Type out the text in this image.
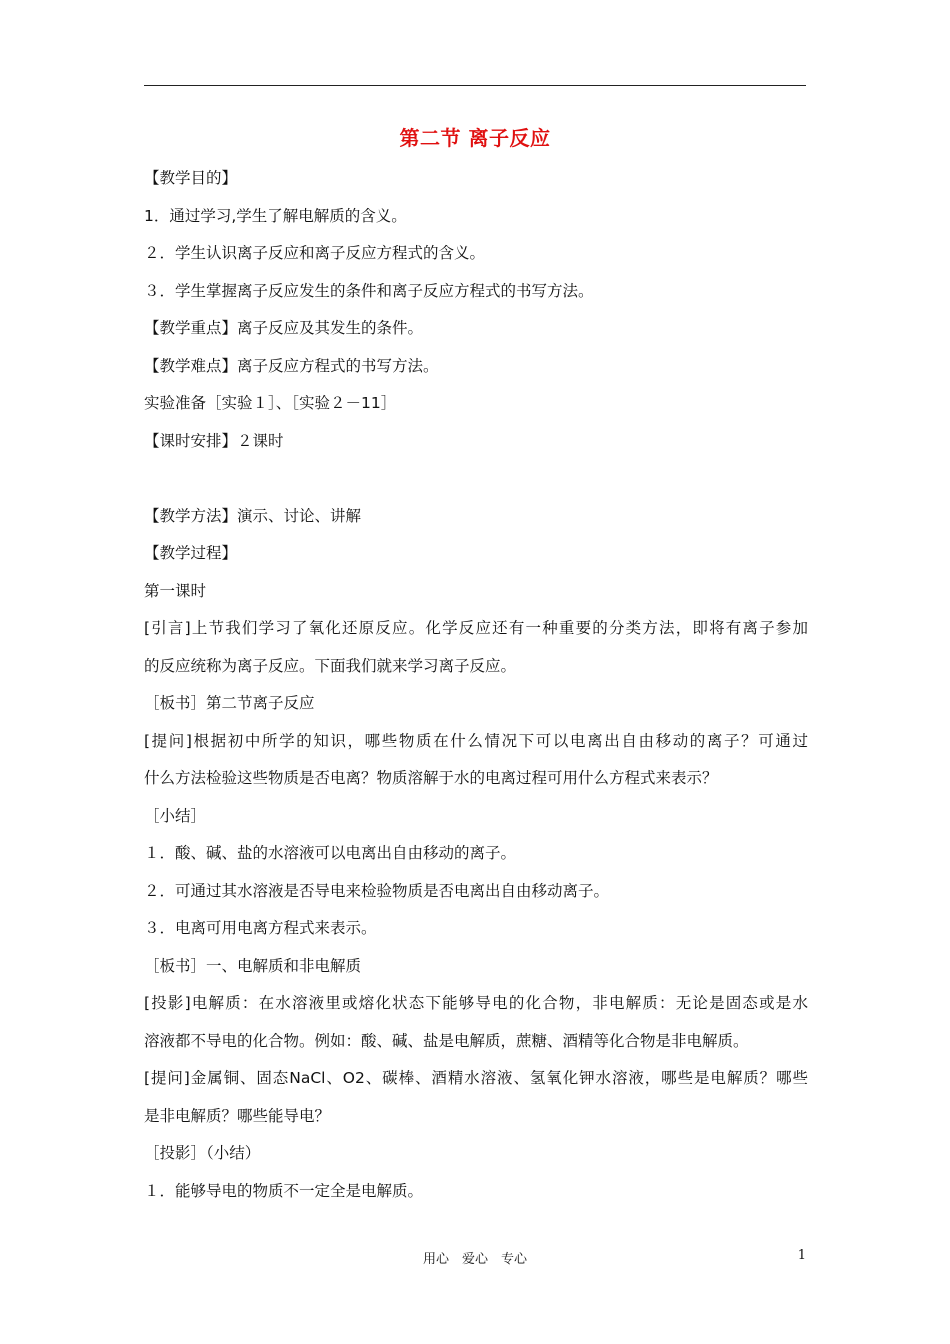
第二节 离子反应
【教学目的】
1．通过学习,学生了解电解质的含义。
２．学生认识离子反应和离子反应方程式的含义。
３．学生掌握离子反应发生的条件和离子反应方程式的书写方法。
【教学重点】离子反应及其发生的条件。
【教学难点】离子反应方程式的书写方法。
实验准备［实验１］、［实验２－11］
【课时安排】２课时
【教学方法】演示、讨论、讲解
【教学过程】
第一课时
[引言]上节我们学习了氧化还原反应。化学反应还有一种重要的分类方法，即将有离子参加
的反应统称为离子反应。下面我们就来学习离子反应。
［板书］第二节离子反应
[提问]根据初中所学的知识，哪些物质在什么情况下可以电离出自由移动的离子？可通过
什么方法检验这些物质是否电离？物质溶解于水的电离过程可用什么方程式来表示？
［小结］
１．酸、碱、盐的水溶液可以电离出自由移动的离子。
２．可通过其水溶液是否导电来检验物质是否电离出自由移动离子。
３．电离可用电离方程式来表示。
［板书］一、电解质和非电解质
[投影]电解质：在水溶液里或熔化状态下能够导电的化合物，非电解质：无论是固态或是水
溶液都不导电的化合物。例如：酸、碱、盐是电解质，蔗糖、酒精等化合物是非电解质。
[提问]金属铜、固态NaCl、O2、碳棒、酒精水溶液、氢氧化钾水溶液，哪些是电解质？哪些
是非电解质？哪些能导电？
［投影］（小结）
１．能够导电的物质不一定全是电解质。
用心　爱心　专心	1
